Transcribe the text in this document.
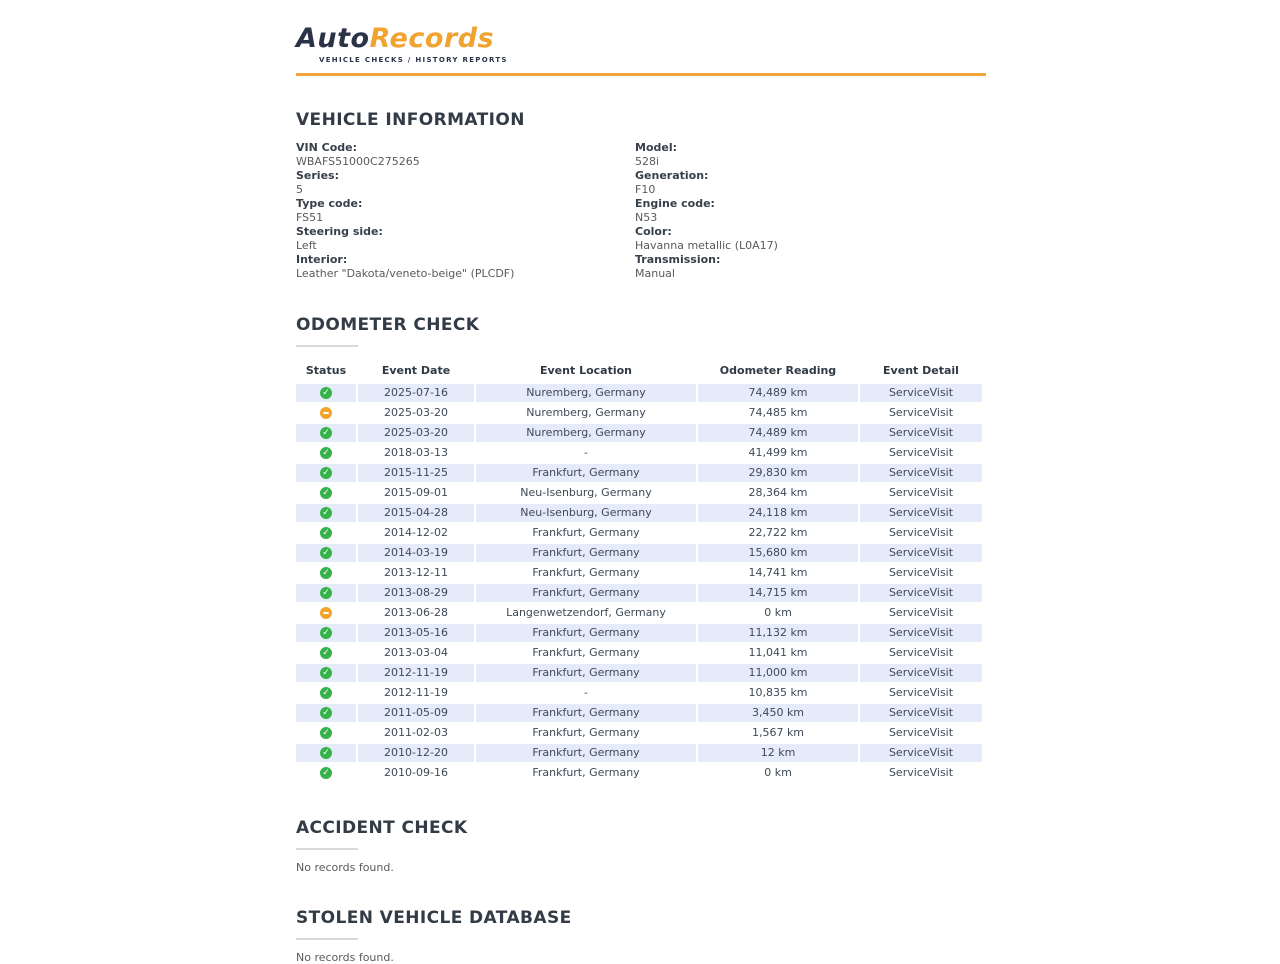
AutoRecords
VEHICLE CHECKS / HISTORY REPORTS
VEHICLE INFORMATION
VIN Code:
WBAFS51000C275265
Series:
5
Type code:
FS51
Steering side:
Left
Interior:
Leather "Dakota/veneto-beige" (PLCDF)
Model:
528i
Generation:
F10
Engine code:
N53
Color:
Havanna metallic (L0A17)
Transmission:
Manual
ODOMETER CHECK
Status	Event Date	Event Location	Odometer Reading	Event Detail
✓	2025-07-16	Nuremberg, Germany	74,489 km	ServiceVisit
	2025-03-20	Nuremberg, Germany	74,485 km	ServiceVisit
✓	2025-03-20	Nuremberg, Germany	74,489 km	ServiceVisit
✓	2018-03-13	-	41,499 km	ServiceVisit
✓	2015-11-25	Frankfurt, Germany	29,830 km	ServiceVisit
✓	2015-09-01	Neu-Isenburg, Germany	28,364 km	ServiceVisit
✓	2015-04-28	Neu-Isenburg, Germany	24,118 km	ServiceVisit
✓	2014-12-02	Frankfurt, Germany	22,722 km	ServiceVisit
✓	2014-03-19	Frankfurt, Germany	15,680 km	ServiceVisit
✓	2013-12-11	Frankfurt, Germany	14,741 km	ServiceVisit
✓	2013-08-29	Frankfurt, Germany	14,715 km	ServiceVisit
	2013-06-28	Langenwetzendorf, Germany	0 km	ServiceVisit
✓	2013-05-16	Frankfurt, Germany	11,132 km	ServiceVisit
✓	2013-03-04	Frankfurt, Germany	11,041 km	ServiceVisit
✓	2012-11-19	Frankfurt, Germany	11,000 km	ServiceVisit
✓	2012-11-19	-	10,835 km	ServiceVisit
✓	2011-05-09	Frankfurt, Germany	3,450 km	ServiceVisit
✓	2011-02-03	Frankfurt, Germany	1,567 km	ServiceVisit
✓	2010-12-20	Frankfurt, Germany	12 km	ServiceVisit
✓	2010-09-16	Frankfurt, Germany	0 km	ServiceVisit
ACCIDENT CHECK

No records found.

STOLEN VEHICLE DATABASE

No records found.
